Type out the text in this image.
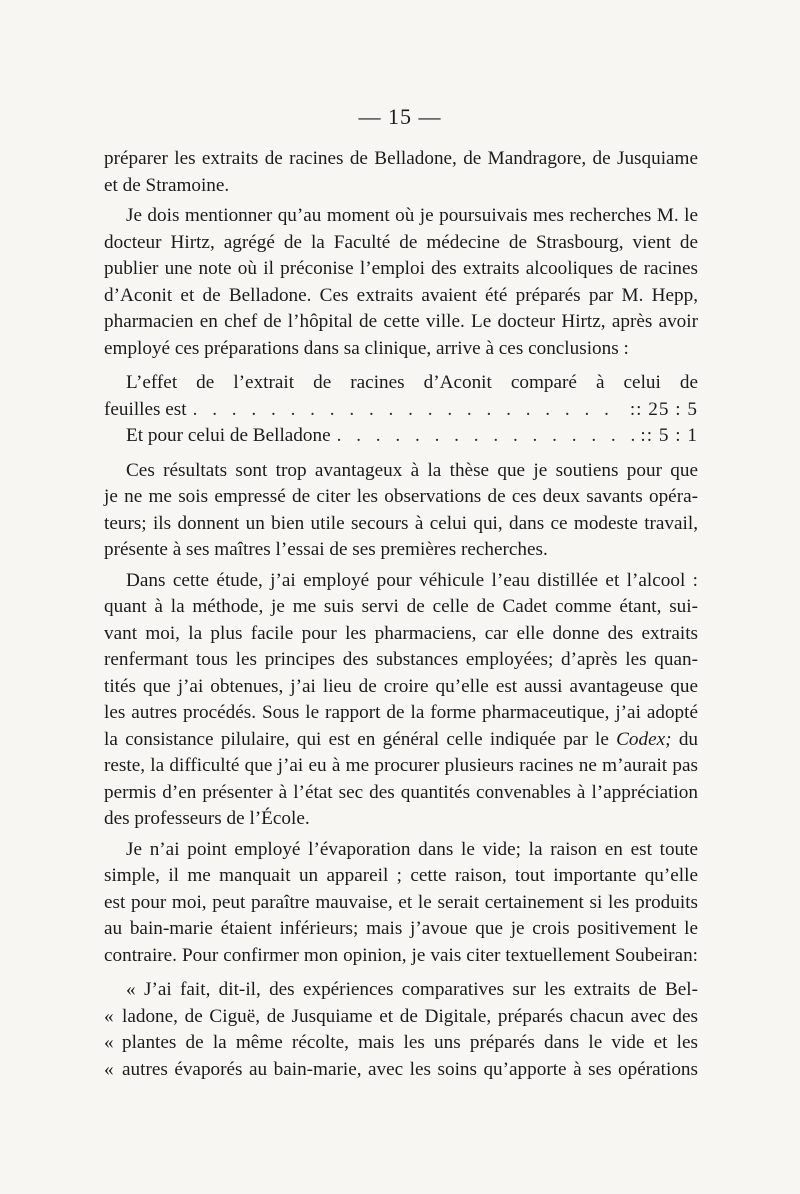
— 15 —
préparer les extraits de racines de Belladone, de Mandragore, de Jusquiame
et de Stramoine.
Je dois mentionner qu’au moment où je poursuivais mes recherches M. le
docteur Hirtz, agrégé de la Faculté de médecine de Strasbourg, vient de
publier une note où il préconise l’emploi des extraits alcooliques de racines
d’Aconit et de Belladone. Ces extraits avaient été préparés par M. Hepp,
pharmacien en chef de l’hôpital de cette ville. Le docteur Hirtz, après avoir
employé ces préparations dans sa clinique, arrive à ces conclusions :
L’effet de l’extrait de racines d’Aconit comparé à celui de
feuilles est . . .	:: 25 : 5
Et pour celui de Belladone . . .	:: 5 : 1
Ces résultats sont trop avantageux à la thèse que je soutiens pour que
je ne me sois empressé de citer les observations de ces deux savants opéra-
teurs; ils donnent un bien utile secours à celui qui, dans ce modeste travail,
présente à ses maîtres l’essai de ses premières recherches.
Dans cette étude, j’ai employé pour véhicule l’eau distillée et l’alcool :
quant à la méthode, je me suis servi de celle de Cadet comme étant, sui-
vant moi, la plus facile pour les pharmaciens, car elle donne des extraits
renfermant tous les principes des substances employées; d’après les quan-
tités que j’ai obtenues, j’ai lieu de croire qu’elle est aussi avantageuse que
les autres procédés. Sous le rapport de la forme pharmaceutique, j’ai adopté
la consistance pilulaire, qui est en général celle indiquée par le Codex; du
reste, la difficulté que j’ai eu à me procurer plusieurs racines ne m’aurait pas
permis d’en présenter à l’état sec des quantités convenables à l’appréciation
des professeurs de l’École.
Je n’ai point employé l’évaporation dans le vide; la raison en est toute
simple, il me manquait un appareil ; cette raison, tout importante qu’elle
est pour moi, peut paraître mauvaise, et le serait certainement si les produits
au bain-marie étaient inférieurs; mais j’avoue que je crois positivement le
contraire. Pour confirmer mon opinion, je vais citer textuellement Soubeiran:
« J’ai fait, dit-il, des expériences comparatives sur les extraits de Bel-
« ladone, de Ciguë, de Jusquiame et de Digitale, préparés chacun avec des
« plantes de la même récolte, mais les uns préparés dans le vide et les
« autres évaporés au bain-marie, avec les soins qu’apporte à ses opérations
